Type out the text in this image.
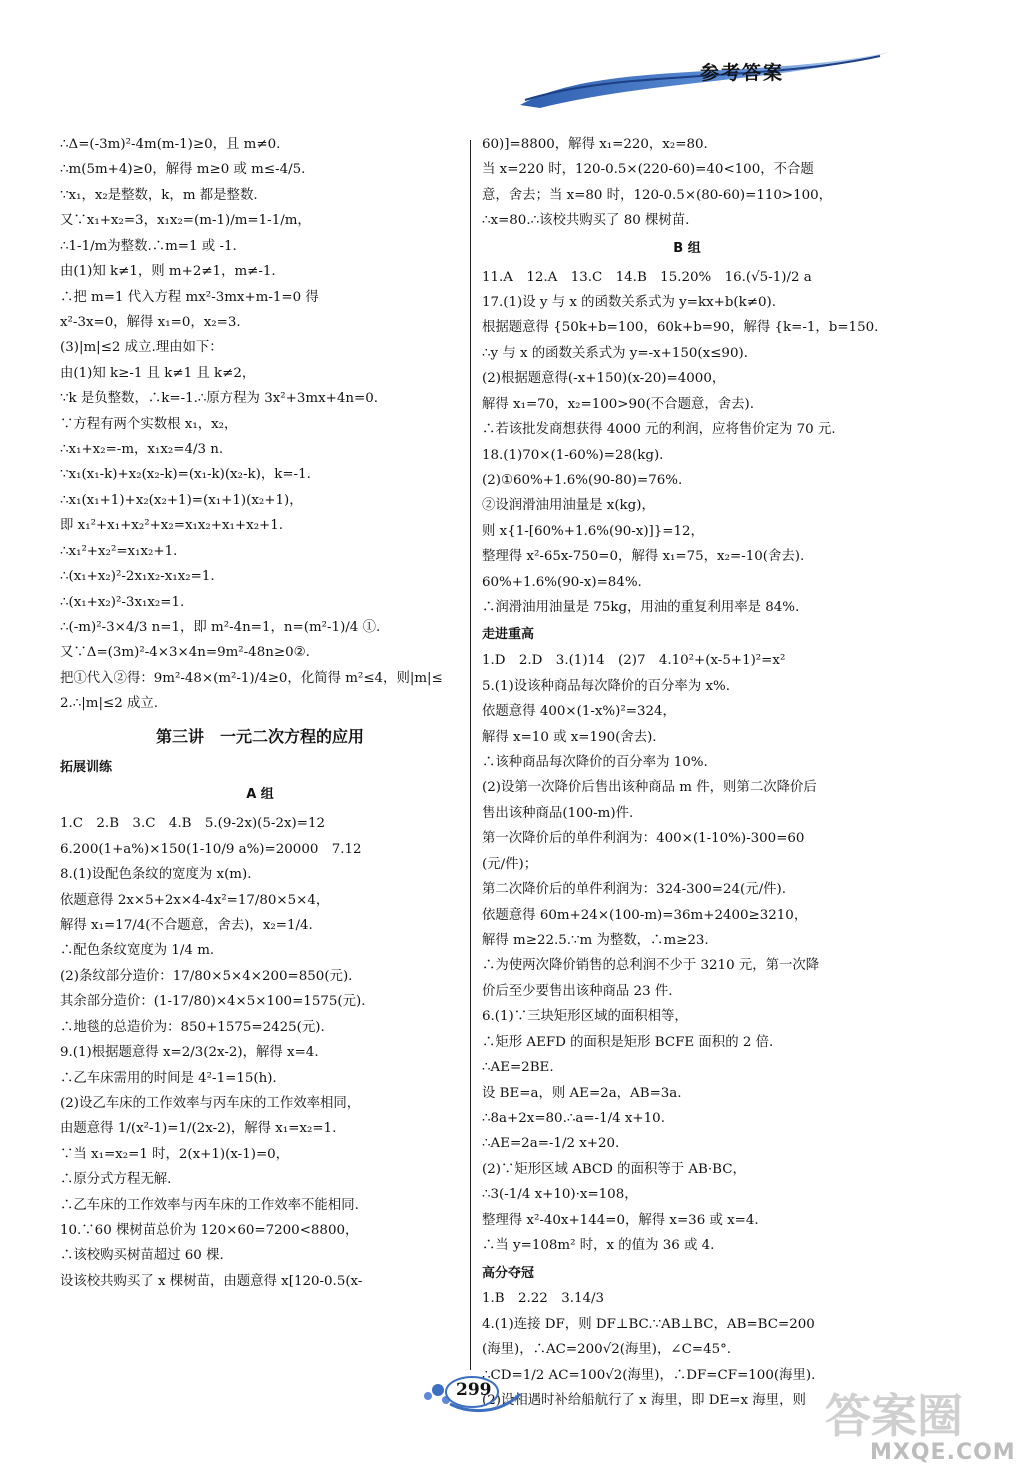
参考答案
∴Δ=(-3m)²-4m(m-1)≥0，且 m≠0.
∴m(5m+4)≥0，解得 m≥0 或 m≤-4/5.
∵x₁，x₂是整数，k，m 都是整数.
又∵x₁+x₂=3，x₁x₂=(m-1)/m=1-1/m，
∴1-1/m为整数.∴m=1 或 -1.
由(1)知 k≠1，则 m+2≠1，m≠-1.
∴把 m=1 代入方程 mx²-3mx+m-1=0 得
x²-3x=0，解得 x₁=0，x₂=3.
(3)|m|≤2 成立.理由如下：
由(1)知 k≥-1 且 k≠1 且 k≠2，
∵k 是负整数，∴k=-1.∴原方程为 3x²+3mx+4n=0.
∵方程有两个实数根 x₁，x₂，
∴x₁+x₂=-m，x₁x₂=4/3 n.
∵x₁(x₁-k)+x₂(x₂-k)=(x₁-k)(x₂-k)，k=-1.
∴x₁(x₁+1)+x₂(x₂+1)=(x₁+1)(x₂+1)，
即 x₁²+x₁+x₂²+x₂=x₁x₂+x₁+x₂+1.
∴x₁²+x₂²=x₁x₂+1.
∴(x₁+x₂)²-2x₁x₂-x₁x₂=1.
∴(x₁+x₂)²-3x₁x₂=1.
∴(-m)²-3×4/3 n=1，即 m²-4n=1，n=(m²-1)/4 ①.
又∵Δ=(3m)²-4×3×4n=9m²-48n≥0②.
把①代入②得：9m²-48×(m²-1)/4≥0，化简得 m²≤4，则|m|≤
2.∴|m|≤2 成立.
第三讲　一元二次方程的应用
拓展训练
A 组
1.C　2.B　3.C　4.B　5.(9-2x)(5-2x)=12
6.200(1+a%)×150(1-10/9 a%)=20000　7.12
8.(1)设配色条纹的宽度为 x(m).
依题意得 2x×5+2x×4-4x²=17/80×5×4，
解得 x₁=17/4(不合题意，舍去)，x₂=1/4.
∴配色条纹宽度为 1/4 m.
(2)条纹部分造价：17/80×5×4×200=850(元).
其余部分造价：(1-17/80)×4×5×100=1575(元).
∴地毯的总造价为：850+1575=2425(元).
9.(1)根据题意得 x=2/3(2x-2)，解得 x=4.
∴乙车床需用的时间是 4²-1=15(h).
(2)设乙车床的工作效率与丙车床的工作效率相同，
由题意得 1/(x²-1)=1/(2x-2)，解得 x₁=x₂=1.
∵当 x₁=x₂=1 时，2(x+1)(x-1)=0，
∴原分式方程无解.
∴乙车床的工作效率与丙车床的工作效率不能相同.
10.∵60 棵树苗总价为 120×60=7200<8800，
∴该校购买树苗超过 60 棵.
设该校共购买了 x 棵树苗，由题意得 x[120-0.5(x-
60)]=8800，解得 x₁=220，x₂=80.
当 x=220 时，120-0.5×(220-60)=40<100，不合题
意，舍去；当 x=80 时，120-0.5×(80-60)=110>100，
∴x=80.∴该校共购买了 80 棵树苗.
B 组
11.A　12.A　13.C　14.B　15.20%　16.(√5-1)/2 a
17.(1)设 y 与 x 的函数关系式为 y=kx+b(k≠0).
根据题意得 {50k+b=100，60k+b=90，解得 {k=-1，b=150.
∴y 与 x 的函数关系式为 y=-x+150(x≤90).
(2)根据题意得(-x+150)(x-20)=4000，
解得 x₁=70，x₂=100>90(不合题意，舍去).
∴若该批发商想获得 4000 元的利润，应将售价定为 70 元.
18.(1)70×(1-60%)=28(kg).
(2)①60%+1.6%(90-80)=76%.
②设润滑油用油量是 x(kg)，
则 x{1-[60%+1.6%(90-x)]}=12，
整理得 x²-65x-750=0，解得 x₁=75，x₂=-10(舍去).
60%+1.6%(90-x)=84%.
∴润滑油用油量是 75kg，用油的重复利用率是 84%.
走进重高
1.D　2.D　3.(1)14　(2)7　4.10²+(x-5+1)²=x²
5.(1)设该种商品每次降价的百分率为 x%.
依题意得 400×(1-x%)²=324，
解得 x=10 或 x=190(舍去).
∴该种商品每次降价的百分率为 10%.
(2)设第一次降价后售出该种商品 m 件，则第二次降价后
售出该种商品(100-m)件.
第一次降价后的单件利润为：400×(1-10%)-300=60
(元/件)；
第二次降价后的单件利润为：324-300=24(元/件).
依题意得 60m+24×(100-m)=36m+2400≥3210，
解得 m≥22.5.∵m 为整数，∴m≥23.
∴为使两次降价销售的总利润不少于 3210 元，第一次降
价后至少要售出该种商品 23 件.
6.(1)∵三块矩形区域的面积相等，
∴矩形 AEFD 的面积是矩形 BCFE 面积的 2 倍.
∴AE=2BE.
设 BE=a，则 AE=2a，AB=3a.
∴8a+2x=80.∴a=-1/4 x+10.
∴AE=2a=-1/2 x+20.
(2)∵矩形区域 ABCD 的面积等于 AB·BC，
∴3(-1/4 x+10)·x=108，
整理得 x²-40x+144=0，解得 x=36 或 x=4.
∴当 y=108m² 时，x 的值为 36 或 4.
高分夺冠
1.B　2.22　3.14/3
4.(1)连接 DF，则 DF⊥BC.∵AB⊥BC，AB=BC=200
(海里)，∴AC=200√2(海里)，∠C=45°.
∴CD=1/2 AC=100√2(海里)，∴DF=CF=100(海里).
(2)设相遇时补给船航行了 x 海里，即 DE=x 海里，则
299	答案圈
MXQE.COM
